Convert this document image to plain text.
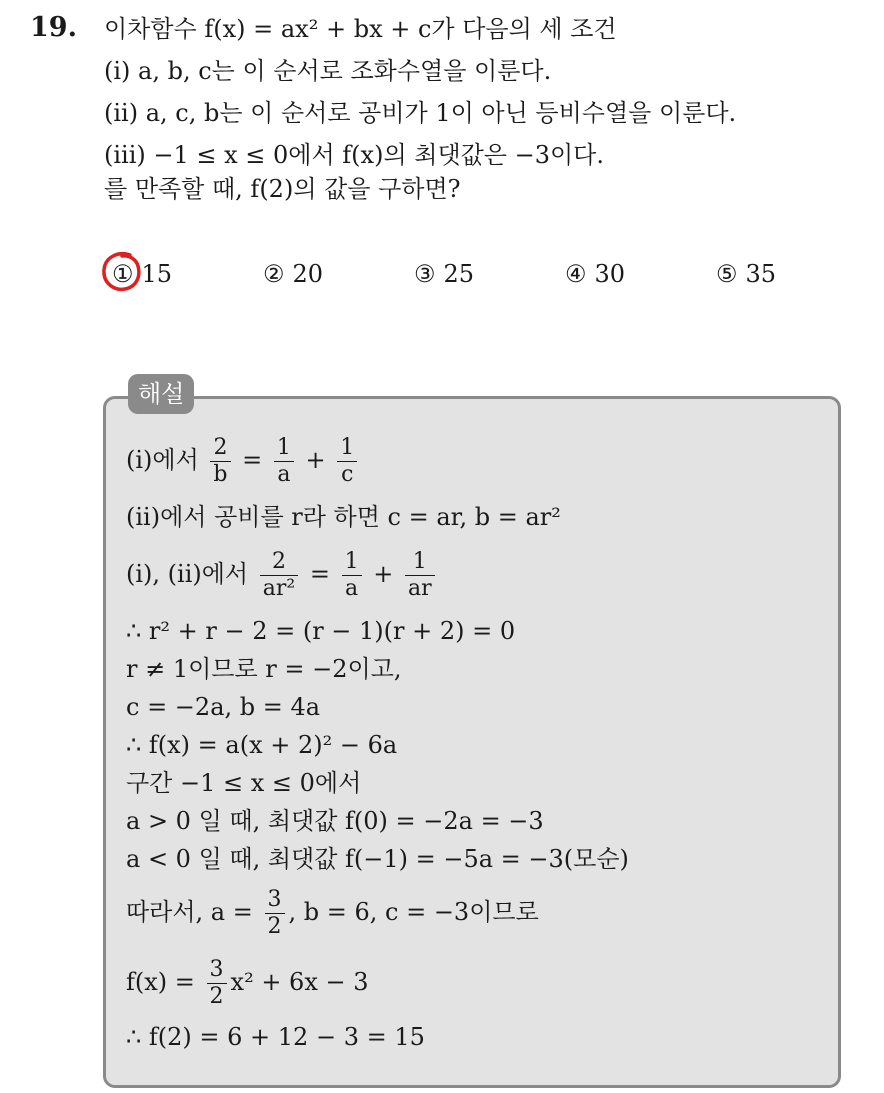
19. 이차함수 f(x) = ax² + bx + c가 다음의 세 조건
(i) a, b, c는 이 순서로 조화수열을 이룬다.
(ii) a, c, b는 이 순서로 공비가 1이 아닌 등비수열을 이룬다.
(iii) −1 ≤ x ≤ 0에서 f(x)의 최댓값은 −3이다.
를 만족할 때, f(2)의 값을 구하면?
① 15	② 20	③ 25	④ 30	⑤ 35
해설
(i)에서 $\frac{2}{b} = \frac{1}{a} + \frac{1}{c}$
(ii)에서 공비를 r라 하면 c = ar, b = ar²
(i), (ii)에서 $\frac{2}{\text{ar²}} = \frac{1}{a} + \frac{1}{ar}$
∴ r² + r − 2 = (r − 1)(r + 2) = 0
r ≠ 1이므로 r = −2이고,
c = −2a, b = 4a
∴ f(x) = a(x + 2)² − 6a
구간 −1 ≤ x ≤ 0에서
a > 0 일 때, 최댓값 f(0) = −2a = −3
a < 0 일 때, 최댓값 f(−1) = −5a = −3(모순)
따라서, $a = \frac{3}{2}$ , b = 6, c = −3이므로
$f(x) = \frac{3}{2} x^2 + 6x - 3$
∴ f(2) = 6 + 12 − 3 = 15
